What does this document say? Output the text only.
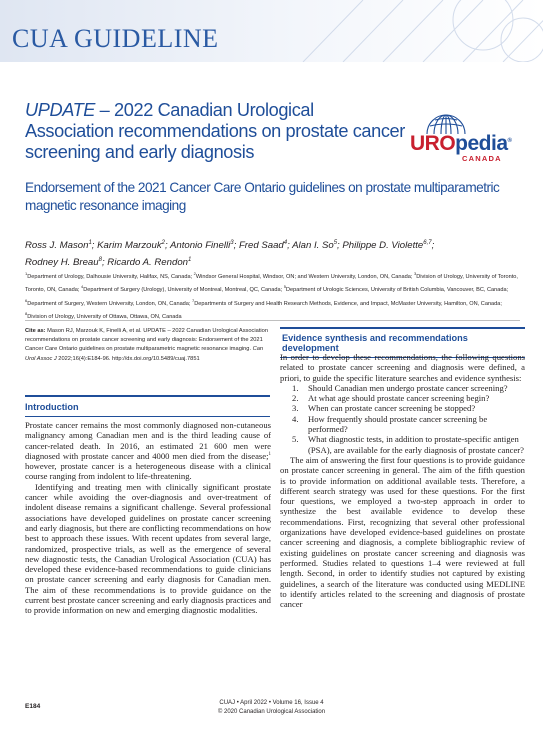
CUA GUIDELINE
UPDATE – 2022 Canadian Urological Association recommendations on prostate cancer screening and early diagnosis
Endorsement of the 2021 Cancer Care Ontario guidelines on prostate multiparametric magnetic resonance imaging
UROpedia®
CANADA
Ross J. Mason$^1$; Karim Marzouk$^2$; Antonio Finelli$^3$; Fred Saad$^4$; Alan I. So$^5$; Philippe D. Violette$^{6,7}$;
Rodney H. Breau$^8$; Ricardo A. Rendon$^1$
$^1$Department of Urology, Dalhousie University, Halifax, NS, Canada; $^2$Windsor General Hospital, Windsor, ON; and Western University, London, ON, Canada; $^3$Division of Urology, University of Toronto, Toronto, ON, Canada; $^4$Department of Surgery (Urology), University of Montreal, Montreal, QC, Canada; $^5$Department of Urologic Sciences, University of British Columbia, Vancouver, BC, Canada; $^6$Department of Surgery, Western University, London, ON, Canada; $^7$Departments of Surgery and Health Research Methods, Evidence, and Impact, McMaster University, Hamilton, ON, Canada; $^8$Division of Urology, University of Ottawa, Ottawa, ON, Canada
Cite as: Mason RJ, Marzouk K, Finelli A, et al. UPDATE – 2022 Canadian Urological Association recommendations on prostate cancer screening and early diagnosis: Endorsement of the 2021 Cancer Care Ontario guidelines on prostate multiparametric magnetic resonance imaging. Can Urol Assoc J 2022;16(4):E184-96. http://dx.doi.org/10.5489/cuaj.7851
Introduction

Prostate cancer remains the most commonly diagnosed non-cutaneous malignancy among Canadian men and is the third leading cause of cancer-related death. In 2016, an estimated 21 600 men were diagnosed with prostate cancer and 4000 men died from the disease;$^1$ however, prostate cancer is a heterogeneous disease with a clinical course ranging from indolent to life-threatening.

Identifying and treating men with clinically significant prostate cancer while avoiding the over-diagnosis and over-treatment of indolent disease remains a significant challenge. Several professional associations have developed guidelines on prostate cancer screening and early diagnosis, but there are conflicting recommendations on how best to approach these issues. With recent updates from several large, randomized, prospective trials, as well as the emergence of several new diagnostic tests, the Canadian Urological Association (CUA) has developed these evidence-based recommendations to guide clinicians on prostate cancer screening and early diagnosis for Canadian men. The aim of these recommendations is to provide guidance on the current best prostate cancer screening and early diagnosis practices and to provide information on new and emerging diagnostic modalities.

Evidence synthesis and recommendations development

In order to develop these recommendations, the following questions related to prostate cancer screening and diagnosis were defined, a priori, to guide the specific literature searches and evidence synthesis:

1.	Should Canadian men undergo prostate cancer screening?
2.	At what age should prostate cancer screening begin?
3.	When can prostate cancer screening be stopped?
4.	How frequently should prostate cancer screening be performed?
5.	What diagnostic tests, in addition to prostate-specific antigen (PSA), are available for the early diagnosis of prostate cancer?

The aim of answering the first four questions is to provide guidance on prostate cancer screening in general. The aim of the fifth question is to provide information on additional available tests. Therefore, a different search strategy was used for these questions. For the first four questions, we employed a two-step approach in order to synthesize the best available evidence to develop these recommendations. First, recognizing that several other professional organizations have developed evidence-based guidelines on prostate cancer screening and diagnosis, a complete bibliographic review of existing guidelines on prostate cancer screening and diagnosis was performed. Studies related to questions 1–4 were reviewed at full length. Second, in order to identify studies not captured by existing guidelines, a search of the literature was conducted using MEDLINE to identify articles related to the screening and diagnosis of prostate cancer

E184	CUAJ • April 2022 • Volume 16, Issue 4
© 2020 Canadian Urological Association
